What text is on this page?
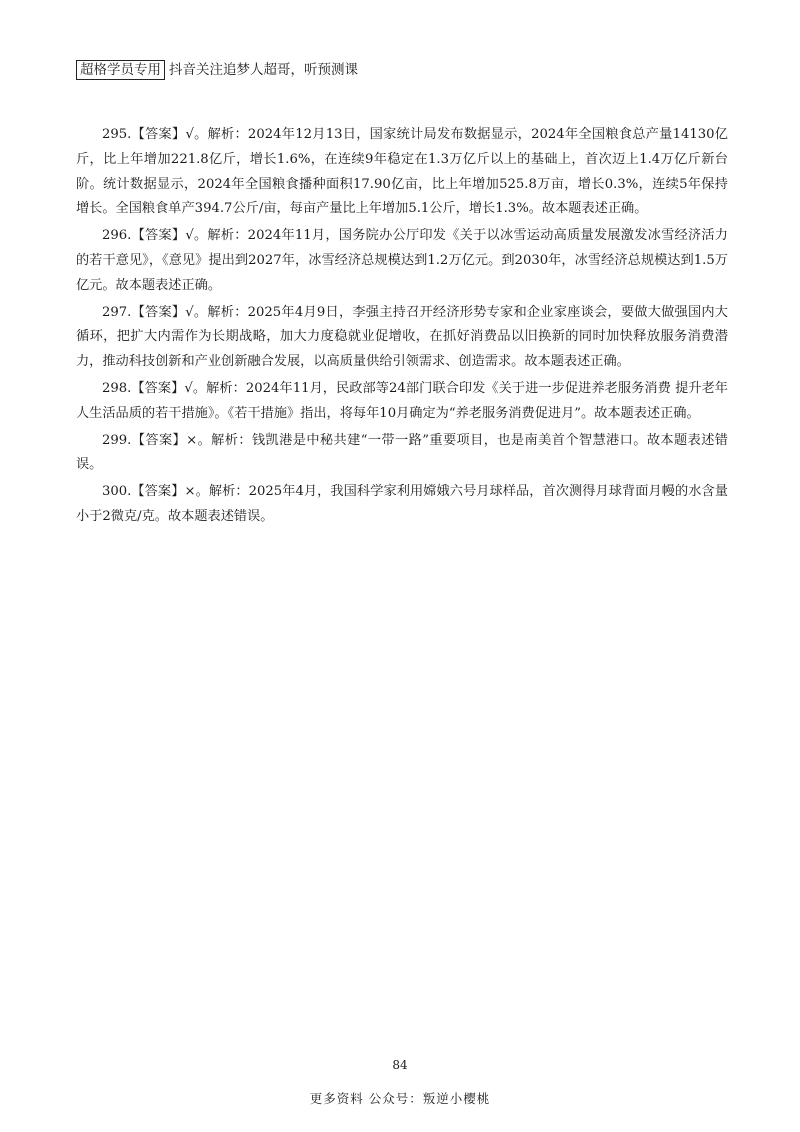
超格学员专用 抖音关注追梦人超哥，听预测课

295.【答案】√。解析：2024年12月13日，国家统计局发布数据显示，2024年全国粮食总产量14130亿斤，比上年增加221.8亿斤，增长1.6%，在连续9年稳定在1.3万亿斤以上的基础上，首次迈上1.4万亿斤新台阶。统计数据显示，2024年全国粮食播种面积17.90亿亩，比上年增加525.8万亩，增长0.3%，连续5年保持增长。全国粮食单产394.7公斤/亩，每亩产量比上年增加5.1公斤，增长1.3%。故本题表述正确。

296.【答案】√。解析：2024年11月，国务院办公厅印发《关于以冰雪运动高质量发展激发冰雪经济活力的若干意见》，《意见》提出到2027年，冰雪经济总规模达到1.2万亿元。到2030年，冰雪经济总规模达到1.5万亿元。故本题表述正确。

297.【答案】√。解析：2025年4月9日，李强主持召开经济形势专家和企业家座谈会，要做大做强国内大循环，把扩大内需作为长期战略，加大力度稳就业促增收，在抓好消费品以旧换新的同时加快释放服务消费潜力，推动科技创新和产业创新融合发展，以高质量供给引领需求、创造需求。故本题表述正确。

298.【答案】√。解析：2024年11月，民政部等24部门联合印发《关于进一步促进养老服务消费 提升老年人生活品质的若干措施》。《若干措施》指出，将每年10月确定为“养老服务消费促进月”。故本题表述正确。

299.【答案】×。解析：钱凯港是中秘共建“一带一路”重要项目，也是南美首个智慧港口。故本题表述错误。

300.【答案】×。解析：2025年4月，我国科学家利用嫦娥六号月球样品，首次测得月球背面月幔的水含量小于2微克/克。故本题表述错误。

84
更多资料 公众号：叛逆小樱桃
